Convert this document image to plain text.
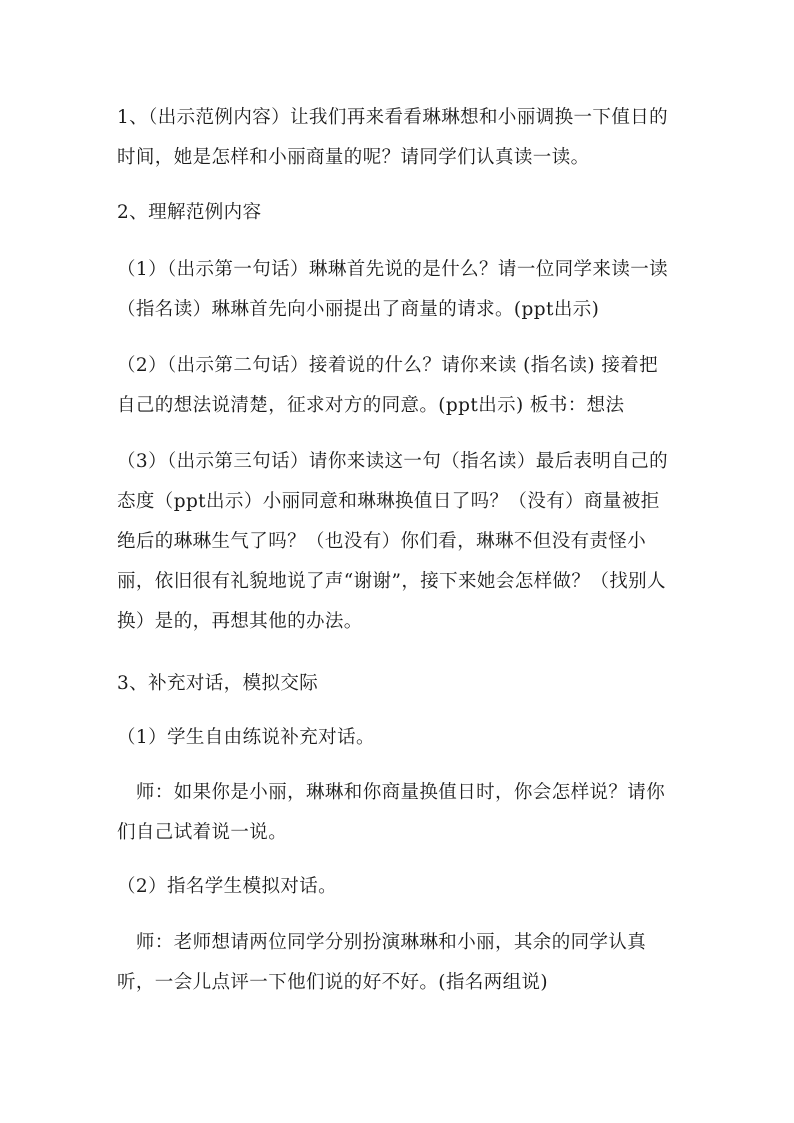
1、（出示范例内容）让我们再来看看琳琳想和小丽调换一下值日的
时间，她是怎样和小丽商量的呢？请同学们认真读一读。
2、理解范例内容
（1）（出示第一句话）琳琳首先说的是什么？请一位同学来读一读
（指名读）琳琳首先向小丽提出了商量的请求。(ppt出示)
（2）（出示第二句话）接着说的什么？请你来读 (指名读) 接着把
自己的想法说清楚，征求对方的同意。(ppt出示) 板书：想法
（3）（出示第三句话）请你来读这一句（指名读）最后表明自己的
态度（ppt出示）小丽同意和琳琳换值日了吗？（没有）商量被拒
绝后的琳琳生气了吗？（也没有）你们看，琳琳不但没有责怪小
丽，依旧很有礼貌地说了声“谢谢”，接下来她会怎样做？（找别人
换）是的，再想其他的办法。
3、补充对话，模拟交际
（1）学生自由练说补充对话。
　师：如果你是小丽，琳琳和你商量换值日时，你会怎样说？请你
们自己试着说一说。
（2）指名学生模拟对话。
　师：老师想请两位同学分别扮演琳琳和小丽，其余的同学认真
听，一会儿点评一下他们说的好不好。(指名两组说)
